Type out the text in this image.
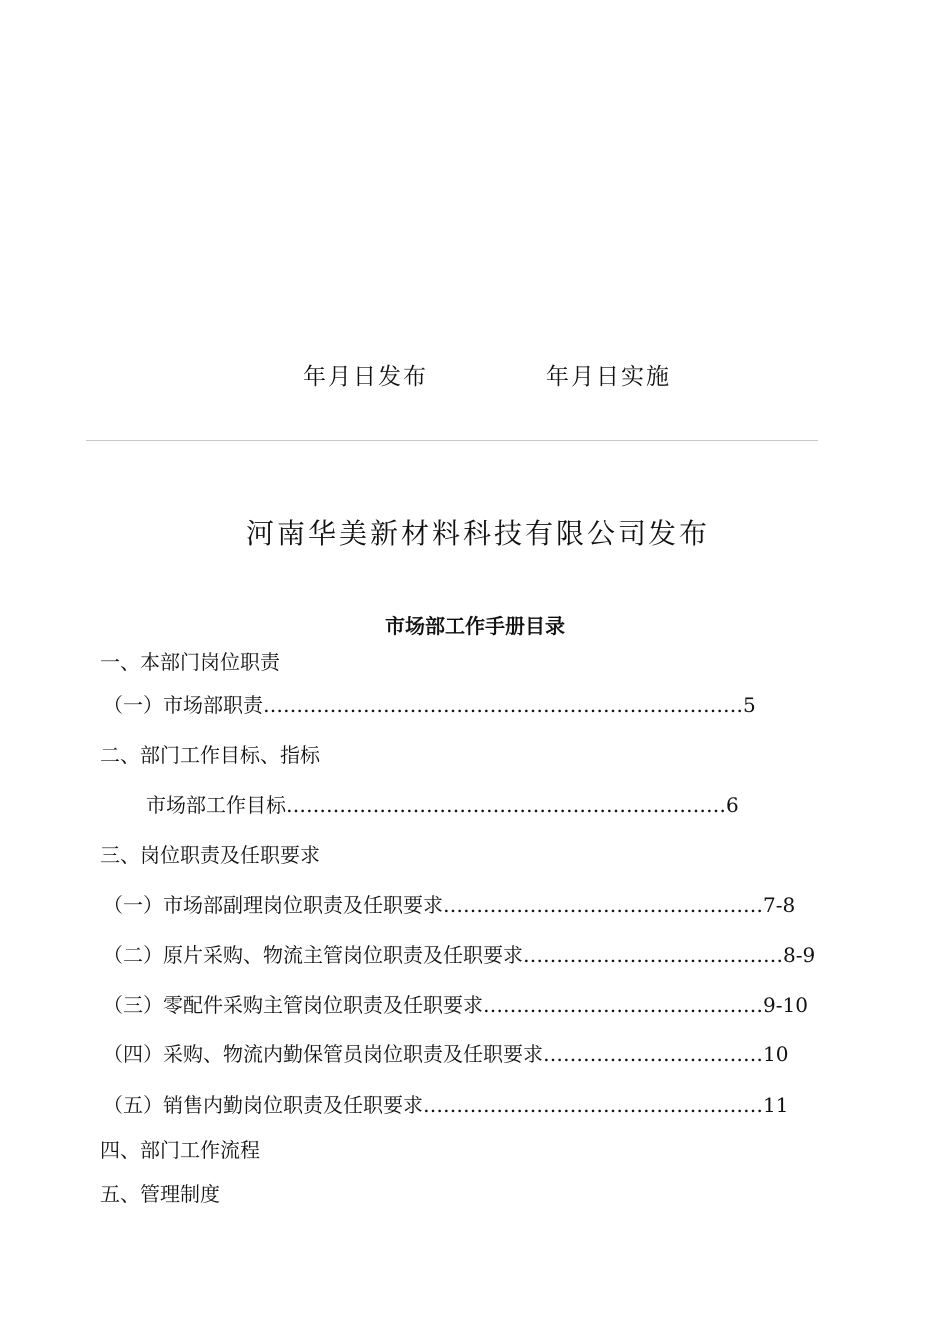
年月日发布	年月日实施
河南华美新材料科技有限公司
发布
市场部工作手册目录
一、本部门岗位职责
（一）市场部职责 ……………………………………………………………… 5
二、部门工作目标、指标
市场部工作目标 ………………………………………………………… 6
三、岗位职责及任职要求
（一）市场部副理岗位职责及任职要求 ………………………………………… 7-8
（二）原片采购、物流主管岗位职责及任职要求 ………………………………… 8-9
（三）零配件采购主管岗位职责及任职要求 …………………………………… 9-10
（四）采购、物流内勤保管员岗位职责及任职要求 …………………………… 10
（五）销售内勤岗位职责及任职要求 …………………………………………… 11
四、部门工作流程
五、管理制度
